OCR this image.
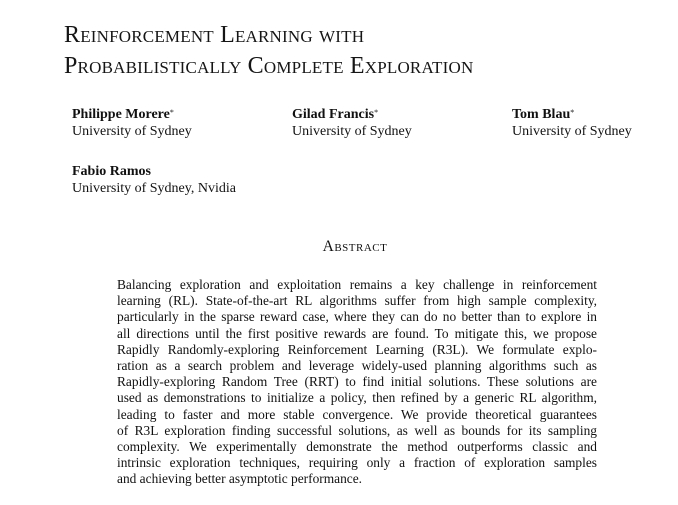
Reinforcement Learning with
Probabilistically Complete Exploration
Philippe Morere*
University of Sydney
Gilad Francis*
University of Sydney
Tom Blau*
University of Sydney
Fabio Ramos
University of Sydney, Nvidia
Abstract
Balancing exploration and exploitation remains a key challenge in reinforcement
learning (RL). State-of-the-art RL algorithms suffer from high sample complexity,
particularly in the sparse reward case, where they can do no better than to explore in
all directions until the first positive rewards are found. To mitigate this, we propose
Rapidly Randomly-exploring Reinforcement Learning (R3L). We formulate explo-
ration as a search problem and leverage widely-used planning algorithms such as
Rapidly-exploring Random Tree (RRT) to find initial solutions. These solutions are
used as demonstrations to initialize a policy, then refined by a generic RL algorithm,
leading to faster and more stable convergence. We provide theoretical guarantees
of R3L exploration finding successful solutions, as well as bounds for its sampling
complexity. We experimentally demonstrate the method outperforms classic and
intrinsic exploration techniques, requiring only a fraction of exploration samples
and achieving better asymptotic performance.
